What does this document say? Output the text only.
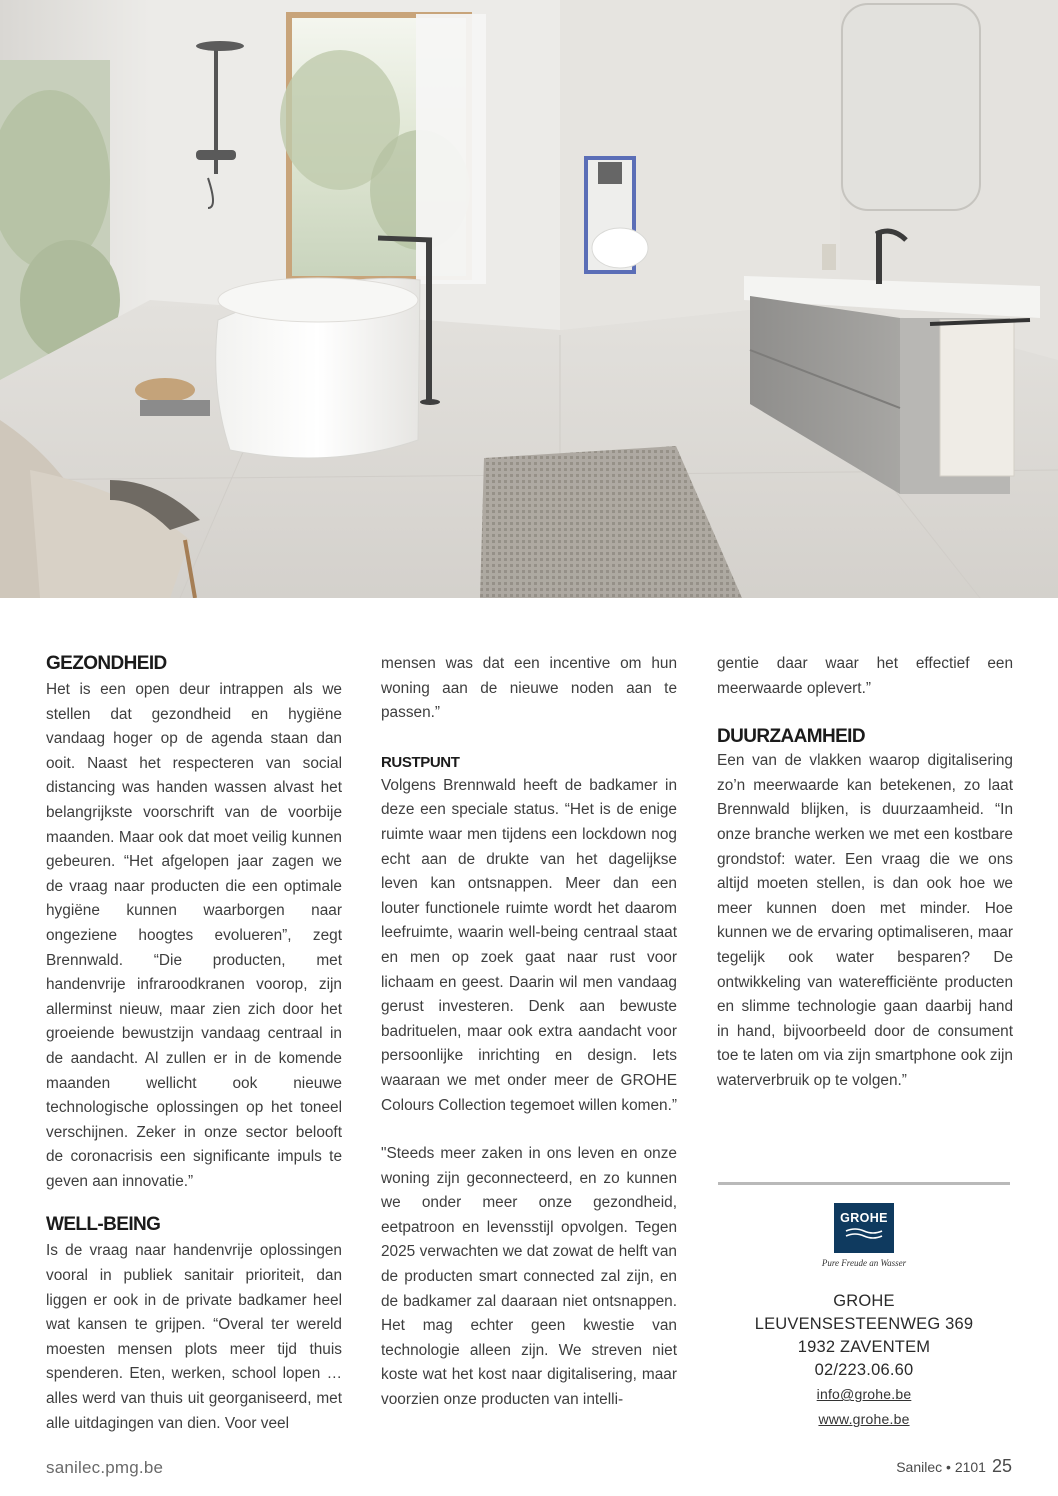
GEZONDHEID
Het is een open deur intrappen als we stellen dat gezondheid en hygiëne vandaag hoger op de agenda staan dan ooit. Naast het respecteren van social distancing was handen wassen alvast het belangrijkste voorschrift van de voorbije maanden. Maar ook dat moet veilig kunnen gebeuren. “Het afgelopen jaar zagen we de vraag naar producten die een optimale hygiëne kunnen waarborgen naar ongeziene hoogtes evolueren”, zegt Brennwald. “Die producten, met handenvrije infraroodkranen voorop, zijn allerminst nieuw, maar zien zich door het groeiende bewustzijn vandaag centraal in de aandacht. Al zullen er in de komende maanden wellicht ook nieuwe technologische oplossingen op het toneel verschijnen. Zeker in onze sector belooft de coronacrisis een significante impuls te geven aan innovatie.”
WELL-BEING
Is de vraag naar handenvrije oplossingen vooral in publiek sanitair prioriteit, dan liggen er ook in de private badkamer heel wat kansen te grijpen. “Overal ter wereld moesten mensen plots meer tijd thuis spenderen. Eten, werken, school lopen … alles werd van thuis uit georganiseerd, met alle uitdagingen van dien. Voor veel
mensen was dat een incentive om hun woning aan de nieuwe noden aan te passen.”
RUSTPUNT
Volgens Brennwald heeft de badkamer in deze een speciale status. “Het is de enige ruimte waar men tijdens een lockdown nog echt aan de drukte van het dagelijkse leven kan ontsnappen. Meer dan een louter functionele ruimte wordt het daarom leefruimte, waarin well-being centraal staat en men op zoek gaat naar rust voor lichaam en geest. Daarin wil men vandaag gerust investeren. Denk aan bewuste badrituelen, maar ook extra aandacht voor persoonlijke inrichting en design. Iets waaraan we met onder meer de GROHE Colours Collection tegemoet willen komen.”
"Steeds meer zaken in ons leven en onze woning zijn geconnecteerd, en zo kunnen we onder meer onze gezondheid, eetpatroon en levensstijl opvolgen. Tegen 2025 verwachten we dat zowat de helft van de producten smart connected zal zijn, en de badkamer zal daaraan niet ontsnappen. Het mag echter geen kwestie van technologie alleen zijn. We streven niet koste wat het kost naar digitalisering, maar voorzien onze producten van intelli-
gentie daar waar het effectief een meerwaarde oplevert.”
DUURZAAMHEID
Een van de vlakken waarop digitalisering zo’n meerwaarde kan betekenen, zo laat Brennwald blijken, is duurzaamheid. “In onze branche werken we met een kostbare grondstof: water. Een vraag die we ons altijd moeten stellen, is dan ook hoe we meer kunnen doen met minder. Hoe kunnen we de ervaring optimaliseren, maar tegelijk ook water besparen? De ontwikkeling van waterefficiënte producten en slimme technologie gaan daarbij hand in hand, bijvoorbeeld door de consument toe te laten om via zijn smartphone ook zijn waterverbruik op te volgen.”
GROHE
Pure Freude an Wasser
GROHE
LEUVENSESTEENWEG 369
1932 ZAVENTEM
02/223.06.60
info@grohe.be
www.grohe.be
sanilec.pmg.be	Sanilec • 2101 25
